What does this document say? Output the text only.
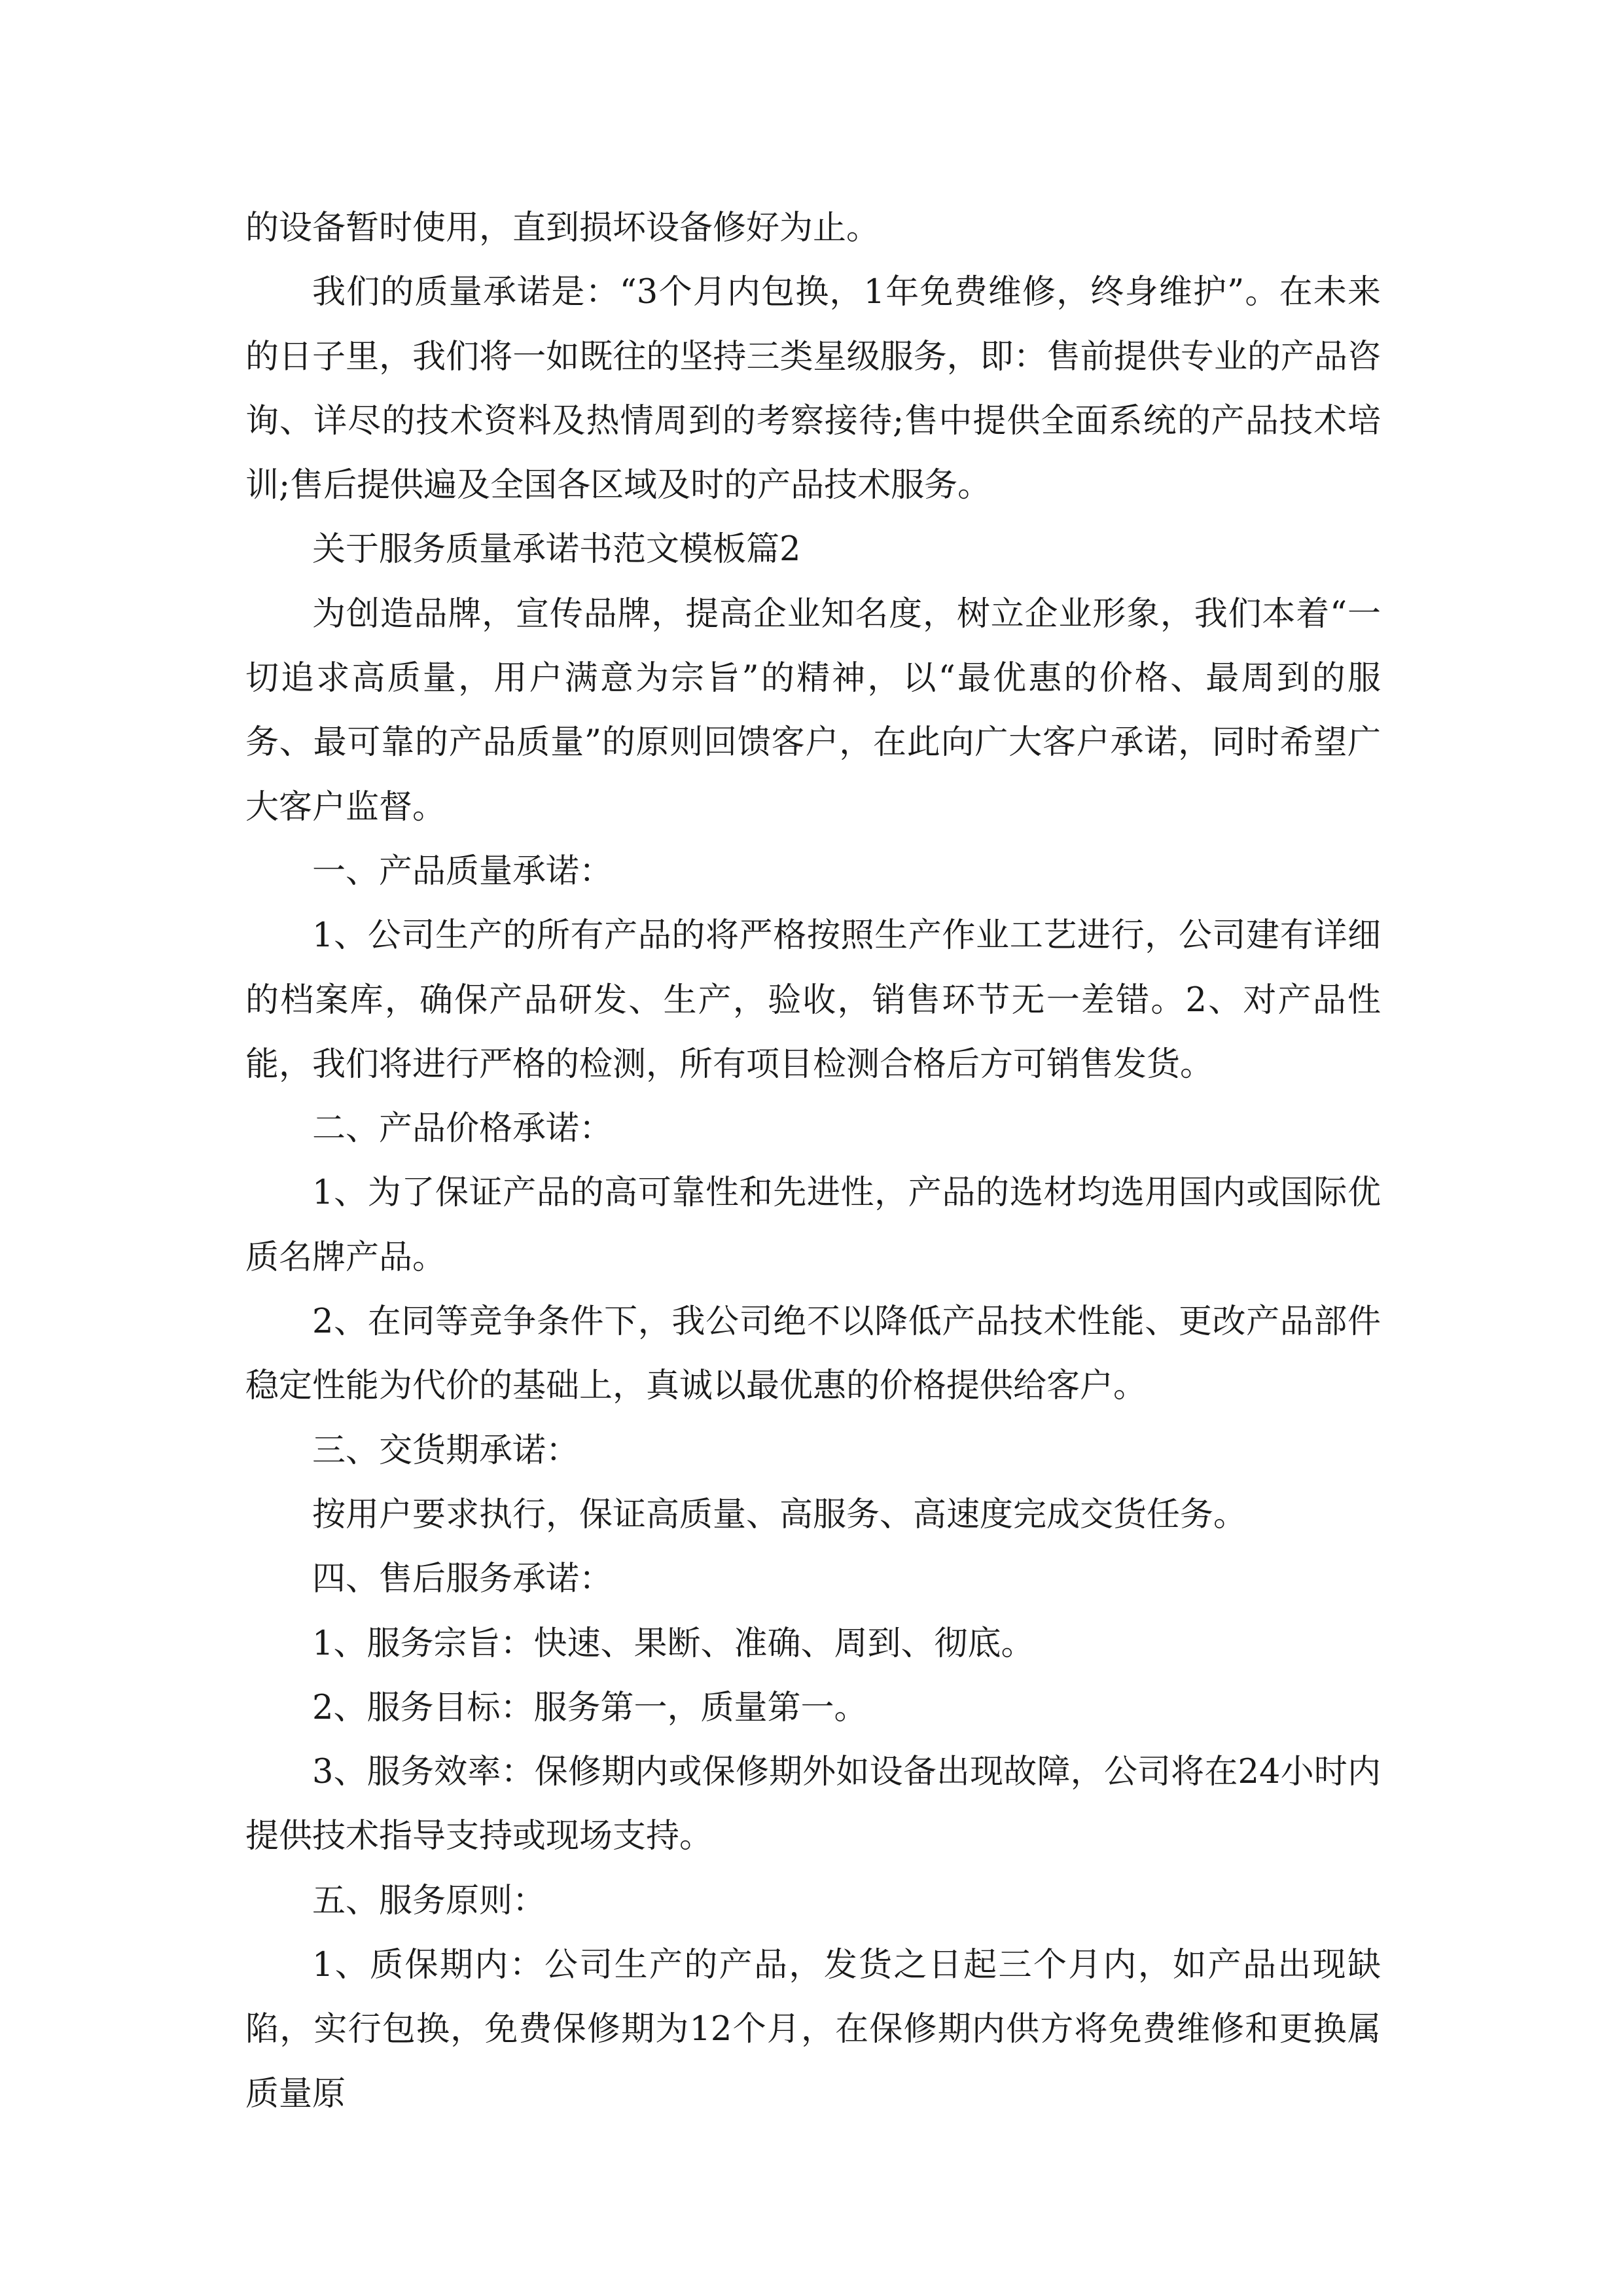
的设备暂时使用，直到损坏设备修好为止。

我们的质量承诺是：“3个月内包换，1年免费维修，终身维护”。在未来的日子里，我们将一如既往的坚持三类星级服务，即：售前提供专业的产品咨询、详尽的技术资料及热情周到的考察接待;售中提供全面系统的产品技术培训;售后提供遍及全国各区域及时的产品技术服务。

关于服务质量承诺书范文模板篇2

为创造品牌，宣传品牌，提高企业知名度，树立企业形象，我们本着“一切追求高质量，用户满意为宗旨”的精神，以“最优惠的价格、最周到的服务、最可靠的产品质量”的原则回馈客户，在此向广大客户承诺，同时希望广大客户监督。

一、产品质量承诺：

1、公司生产的所有产品的将严格按照生产作业工艺进行，公司建有详细的档案库，确保产品研发、生产，验收，销售环节无一差错。2、对产品性能，我们将进行严格的检测，所有项目检测合格后方可销售发货。

二、产品价格承诺：

1、为了保证产品的高可靠性和先进性，产品的选材均选用国内或国际优质名牌产品。

2、在同等竞争条件下，我公司绝不以降低产品技术性能、更改产品部件稳定性能为代价的基础上，真诚以最优惠的价格提供给客户。

三、交货期承诺：

按用户要求执行，保证高质量、高服务、高速度完成交货任务。

四、售后服务承诺：

1、服务宗旨：快速、果断、准确、周到、彻底。

2、服务目标：服务第一，质量第一。

3、服务效率：保修期内或保修期外如设备出现故障，公司将在24小时内提供技术指导支持或现场支持。

五、服务原则：

1、质保期内：公司生产的产品，发货之日起三个月内，如产品出现缺陷，实行包换，免费保修期为12个月，在保修期内供方将免费维修和更换属质量原
